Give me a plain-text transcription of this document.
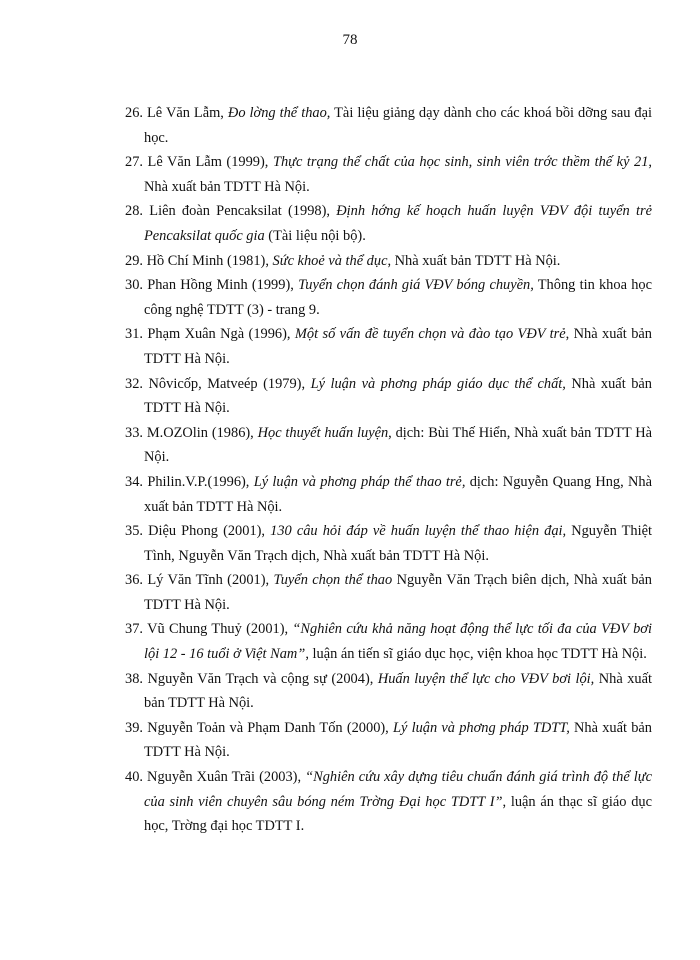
78
26. Lê Văn Lẫm, Đo lờng thể thao, Tài liệu giảng dạy dành cho các khoá bồi dỡng sau đại học.
27. Lê Văn Lẫm (1999), Thực trạng thể chất của học sinh, sinh viên trớc thềm thế kỷ 21, Nhà xuất bản TDTT Hà Nội.
28. Liên đoàn Pencaksilat (1998), Định hớng kế hoạch huấn luyện VĐV đội tuyển trẻ Pencaksilat quốc gia (Tài liệu nội bộ).
29. Hồ Chí Minh (1981), Sức khoẻ và thể dục, Nhà xuất bản TDTT Hà Nội.
30. Phan Hồng Minh (1999), Tuyển chọn đánh giá VĐV bóng chuyền, Thông tin khoa học công nghệ TDTT (3) - trang 9.
31. Phạm Xuân Ngà (1996), Một số vấn đề tuyển chọn và đào tạo VĐV trẻ, Nhà xuất bản TDTT Hà Nội.
32. Nôvicốp, Matveép (1979), Lý luận và phơng pháp giáo dục thể chất, Nhà xuất bản TDTT Hà Nội.
33. M.OZOlin (1986), Học thuyết huấn luyện, dịch: Bùi Thế Hiển, Nhà xuất bản TDTT Hà Nội.
34. Philin.V.P.(1996), Lý luận và phơng pháp thể thao trẻ, dịch: Nguyễn Quang Hng, Nhà xuất bản TDTT Hà Nội.
35. Diệu Phong (2001), 130 câu hỏi đáp về huấn luyện thể thao hiện đại, Nguyễn Thiệt Tình, Nguyễn Văn Trạch dịch, Nhà xuất bản TDTT Hà Nội.
36. Lý Văn Tĩnh (2001), Tuyển chọn thể thao Nguyễn Văn Trạch biên dịch, Nhà xuất bản TDTT Hà Nội.
37. Vũ Chung Thuỷ (2001), “Nghiên cứu khả năng hoạt động thể lực tối đa của VĐV bơi lội 12 - 16 tuổi ở Việt Nam”, luận án tiến sĩ giáo dục học, viện khoa học TDTT Hà Nội.
38. Nguyễn Văn Trạch và cộng sự (2004), Huấn luyện thể lực cho VĐV bơi lội, Nhà xuất bản TDTT Hà Nội.
39. Nguyễn Toản và Phạm Danh Tốn (2000), Lý luận và phơng pháp TDTT, Nhà xuất bản TDTT Hà Nội.
40. Nguyễn Xuân Trãi (2003), “Nghiên cứu xây dựng tiêu chuẩn đánh giá trình độ thể lực của sinh viên chuyên sâu bóng ném Trờng Đại học TDTT I”, luận án thạc sĩ giáo dục học, Trờng đại học TDTT I.
